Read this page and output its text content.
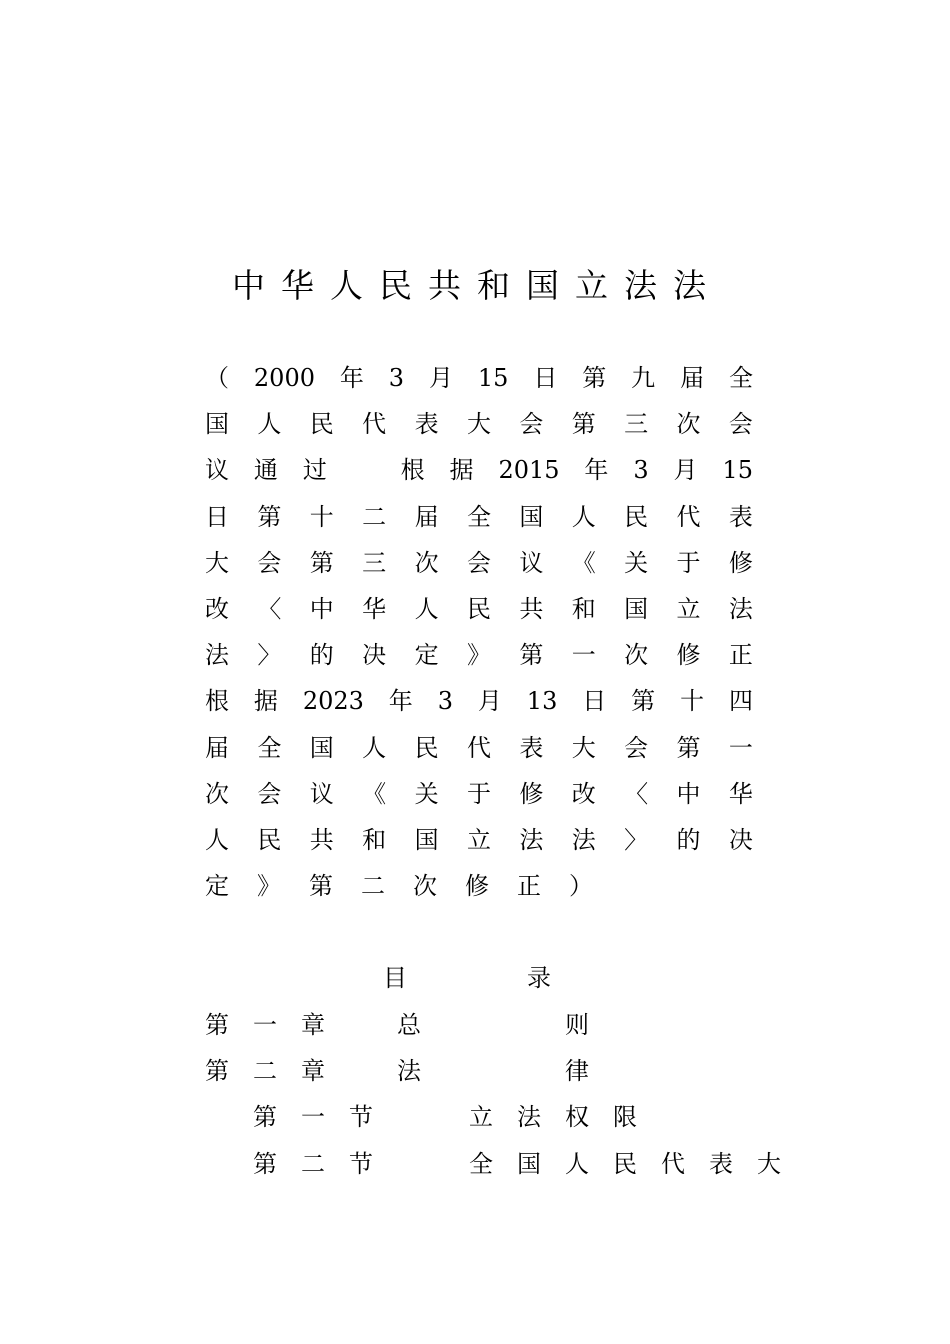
中华人民共和国立法法
（ 2000 年 3 月 15 日 第 九 届 全
国 人 民 代 表 大 会 第 三 次 会
议 通 过
　	根 据 2015 年 3 月 15
日 第 十 二 届 全 国 人 民 代 表
大 会 第 三 次 会 议 《 关 于 修
改 〈 中 华 人 民 共 和 国 立 法
法 〉 的 决 定 》 第 一 次 修 正
根 据 2023 年 3 月 13 日 第 十 四
届 全 国 人 民 代 表 大 会 第 一
次 会 议 《 关 于 修 改 〈 中 华
人 民 共 和 国 立 法 法 〉 的 决
定 》 第 二 次 修 正 ）
目　　　　　录
第　一　章　　　总　　　　　　则
第　二　章　　　法　　　　　　律
　　第　一　节　　　　立　法　权　限
　　第　二　节　　　　全　国　人　民　代　表　大
